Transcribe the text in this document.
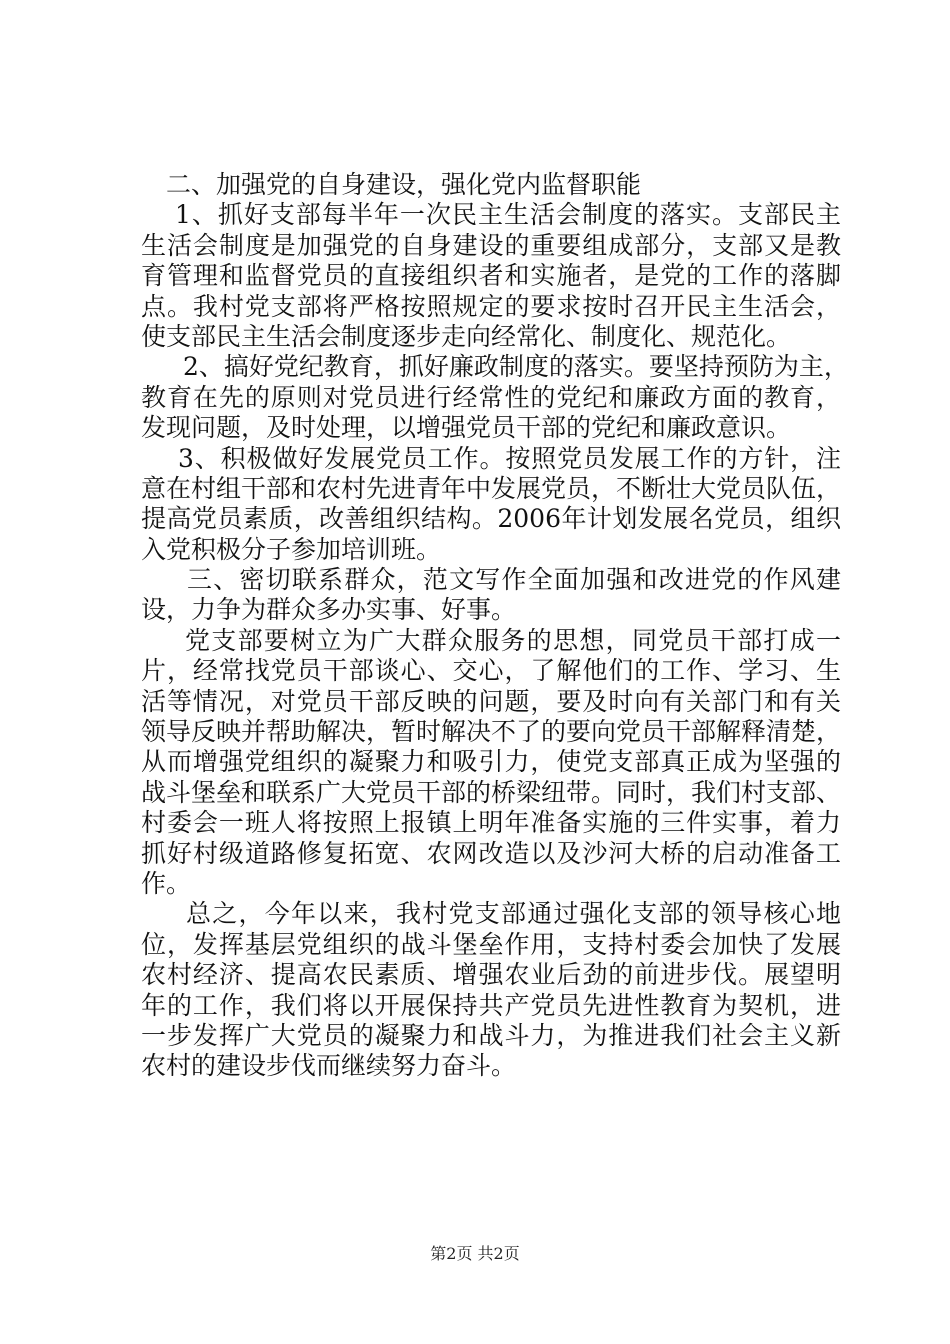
二、加强党的自身建设，强化党内监督职能
1、抓好支部每半年一次民主生活会制度的落实。支部民主
生活会制度是加强党的自身建设的重要组成部分，支部又是教
育管理和监督党员的直接组织者和实施者，是党的工作的落脚
点。我村党支部将严格按照规定的要求按时召开民主生活会，
使支部民主生活会制度逐步走向经常化、制度化、规范化。
2、搞好党纪教育，抓好廉政制度的落实。要坚持预防为主，
教育在先的原则对党员进行经常性的党纪和廉政方面的教育，
发现问题，及时处理，以增强党员干部的党纪和廉政意识。
3、积极做好发展党员工作。按照党员发展工作的方针，注
意在村组干部和农村先进青年中发展党员，不断壮大党员队伍，
提高党员素质，改善组织结构。2006年计划发展名党员，组织
入党积极分子参加培训班。
三、密切联系群众，范文写作全面加强和改进党的作风建
设，力争为群众多办实事、好事。
党支部要树立为广大群众服务的思想，同党员干部打成一
片，经常找党员干部谈心、交心，了解他们的工作、学习、生
活等情况，对党员干部反映的问题，要及时向有关部门和有关
领导反映并帮助解决，暂时解决不了的要向党员干部解释清楚，
从而增强党组织的凝聚力和吸引力，使党支部真正成为坚强的
战斗堡垒和联系广大党员干部的桥梁纽带。同时，我们村支部、
村委会一班人将按照上报镇上明年准备实施的三件实事，着力
抓好村级道路修复拓宽、农网改造以及沙河大桥的启动准备工
作。
总之，今年以来，我村党支部通过强化支部的领导核心地
位，发挥基层党组织的战斗堡垒作用，支持村委会加快了发展
农村经济、提高农民素质、增强农业后劲的前进步伐。展望明
年的工作，我们将以开展保持共产党员先进性教育为契机，进
一步发挥广大党员的凝聚力和战斗力，为推进我们社会主义新
农村的建设步伐而继续努力奋斗。
第2页 共2页
